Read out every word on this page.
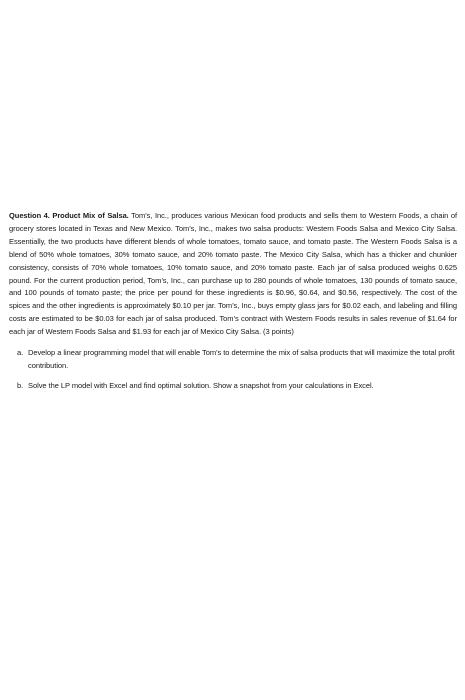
Question 4. Product Mix of Salsa. Tom’s, Inc., produces various Mexican food products and sells them to Western Foods, a chain of grocery stores located in Texas and New Mexico. Tom’s, Inc., makes two salsa products: Western Foods Salsa and Mexico City Salsa. Essentially, the two products have different blends of whole tomatoes, tomato sauce, and tomato paste. The Western Foods Salsa is a blend of 50% whole tomatoes, 30% tomato sauce, and 20% tomato paste. The Mexico City Salsa, which has a thicker and chunkier consistency, consists of 70% whole tomatoes, 10% tomato sauce, and 20% tomato paste. Each jar of salsa produced weighs 0.625 pound. For the current production period, Tom’s, Inc., can purchase up to 280 pounds of whole tomatoes, 130 pounds of tomato sauce, and 100 pounds of tomato paste; the price per pound for these ingredients is $0.96, $0.64, and $0.56, respectively. The cost of the spices and the other ingredients is approximately $0.10 per jar. Tom’s, Inc., buys empty glass jars for $0.02 each, and labeling and filling costs are estimated to be $0.03 for each jar of salsa produced. Tom’s contract with Western Foods results in sales revenue of $1.64 for each jar of Western Foods Salsa and $1.93 for each jar of Mexico City Salsa. (3 points)

a. Develop a linear programming model that will enable Tom’s to determine the mix of salsa products that will maximize the total profit contribution.
b. Solve the LP model with Excel and find optimal solution. Show a snapshot from your calculations in Excel.
